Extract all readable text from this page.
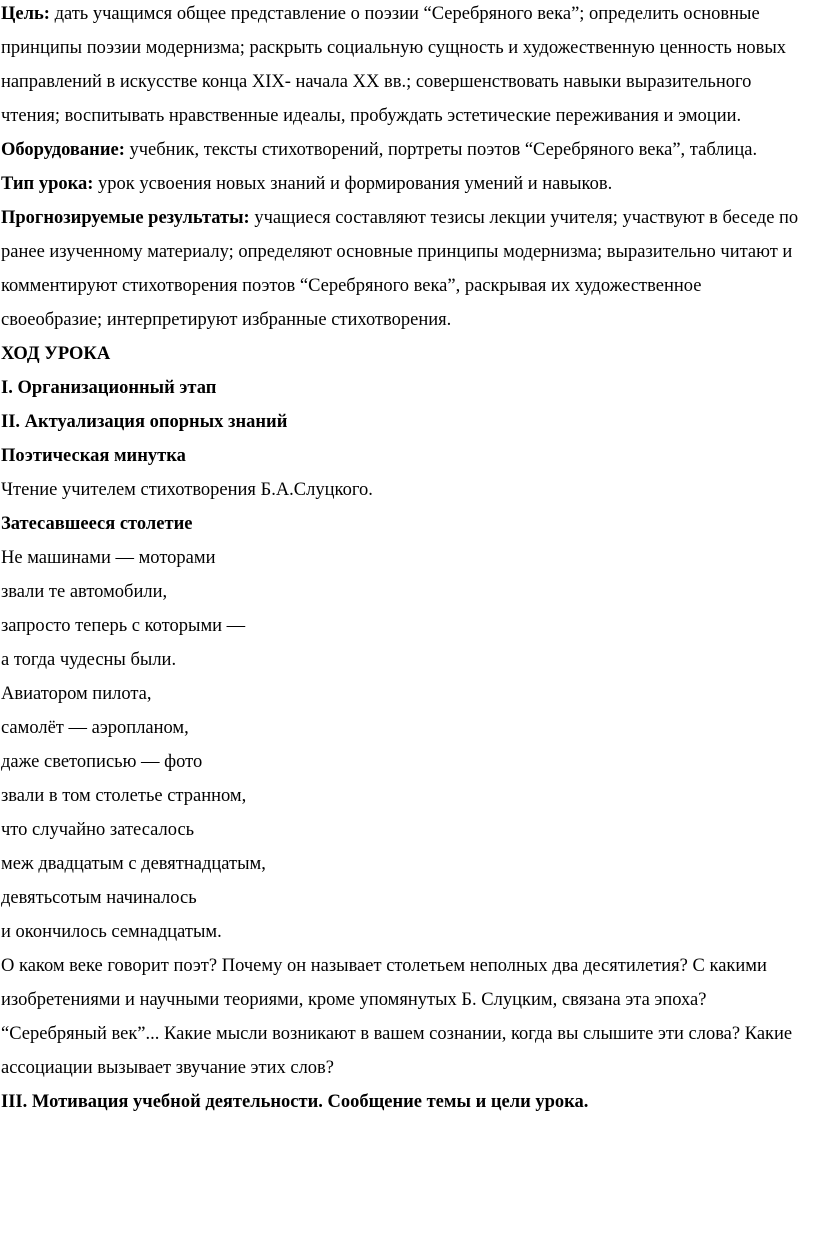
Цель: дать учащимся общее представление о поэзии “Серебряного века”; определить основные принципы поэзии модернизма; раскрыть социальную сущность и художественную ценность новых направлений в искусстве конца XIX- начала XX вв.; совершенствовать навыки выразительного чтения; воспитывать нравственные идеалы, пробуждать эстетические переживания и эмоции.

Оборудование: учебник, тексты стихотворений, портреты поэтов “Серебряного века”, таблица.

Тип урока: урок усвоения новых знаний и формирования умений и навыков.

Прогнозируемые результаты: учащиеся составляют тезисы лекции учителя; участвуют в беседе по ранее изученному материалу; определяют основные принципы модернизма; выразительно читают и комментируют стихотворения поэтов “Серебряного века”, раскрывая их художественное своеобразие; интерпретируют избранные стихотворения.

ХОД УРОКА

I. Организационный этап

II. Актуализация опорных знаний

Поэтическая минутка

Чтение учителем стихотворения Б.А.Слуцкого.

Затесавшееся столетие

Не машинами — моторами

звали те автомобили,

запросто теперь с которыми —

а тогда чудесны были.

Авиатором пилота,

самолёт — аэропланом,

даже светописью — фото

звали в том столетье странном,

что случайно затесалось

меж двадцатым с девятнадцатым,

девятьсотым начиналось

и окончилось семнадцатым.

О каком веке говорит поэт? Почему он называет столетьем неполных два десятилетия? С какими изобретениями и научными теориями, кроме упомянутых Б. Слуцким, связана эта эпоха?

“Серебряный век”... Какие мысли возникают в вашем сознании, когда вы слышите эти слова? Какие ассоциации вызывает звучание этих слов?

III. Мотивация учебной деятельности. Сообщение темы и цели урока.
